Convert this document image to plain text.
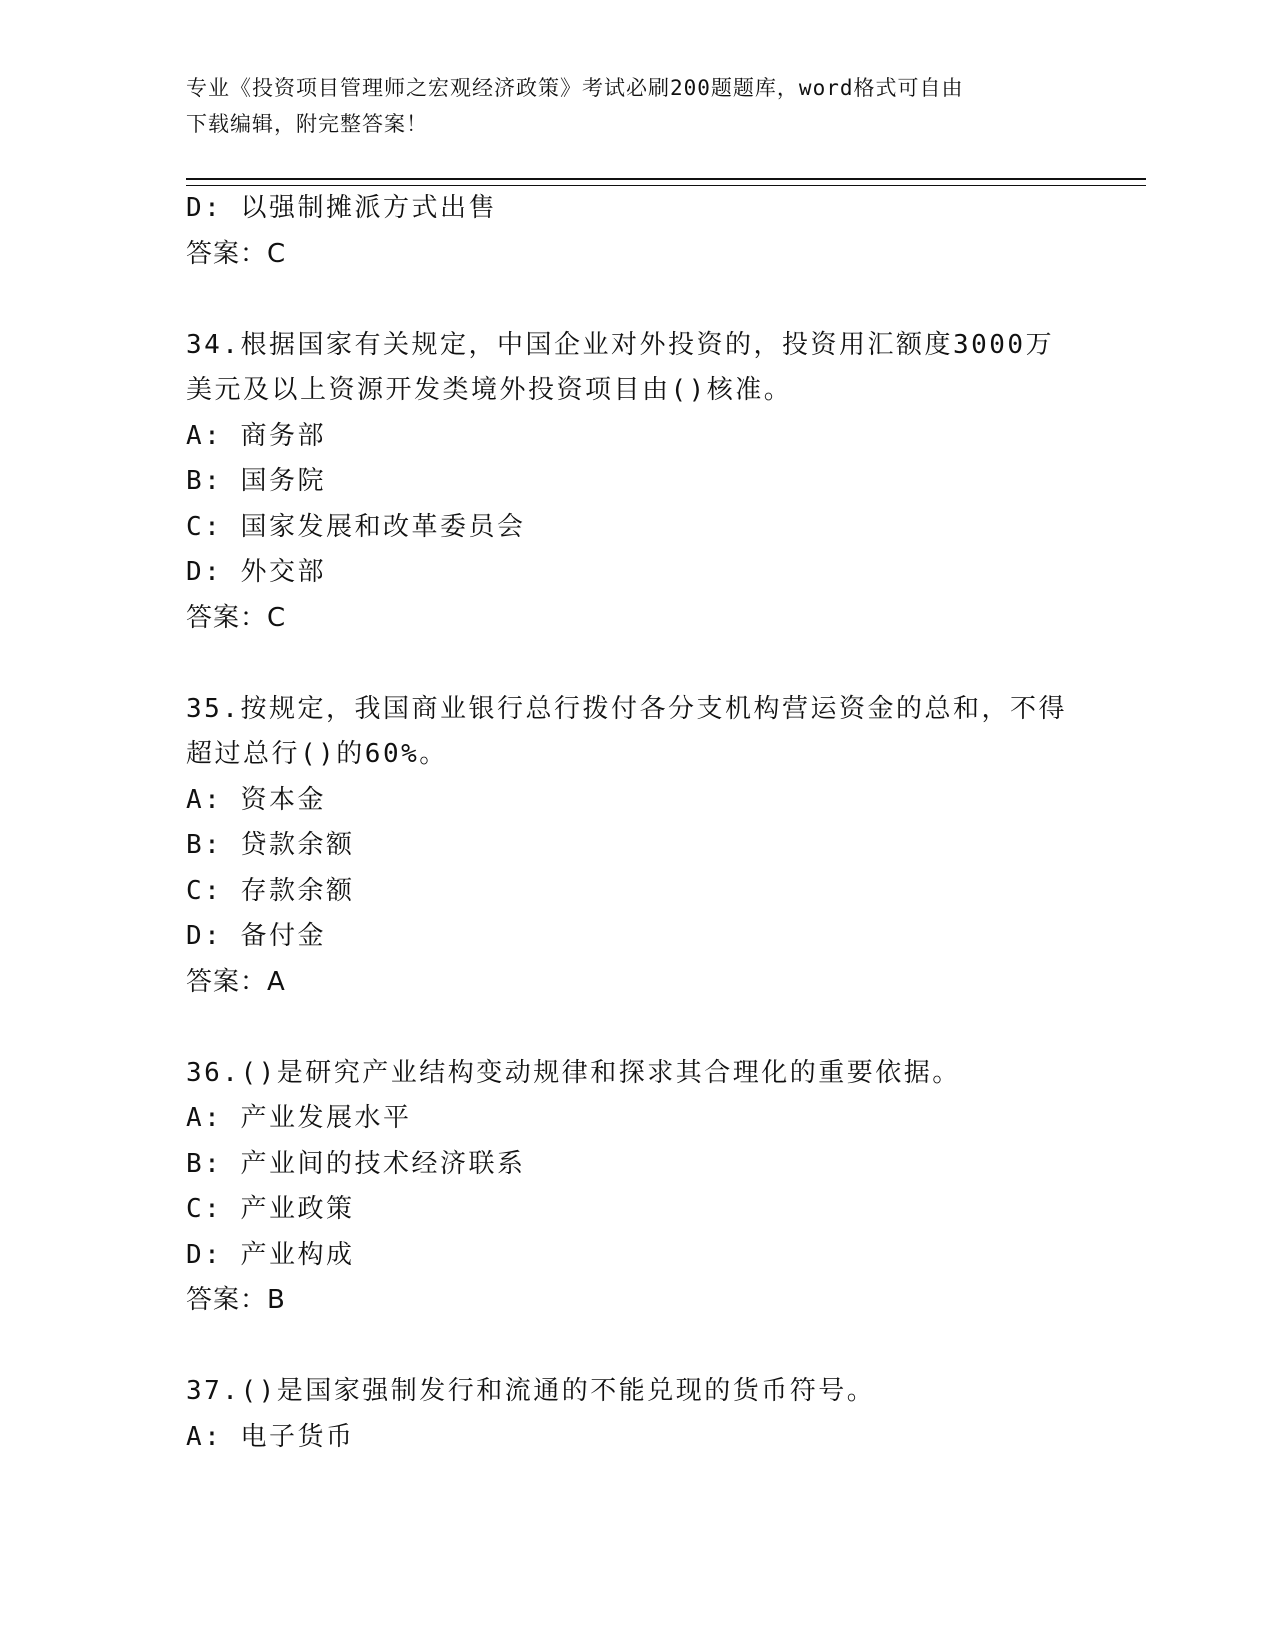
专业《投资项目管理师之宏观经济政策》考试必刷200题题库，word格式可自由
下载编辑，附完整答案！
D: 以强制摊派方式出售
答案：C
34.根据国家有关规定，中国企业对外投资的，投资用汇额度3000万
美元及以上资源开发类境外投资项目由()核准。
A: 商务部
B: 国务院
C: 国家发展和改革委员会
D: 外交部
答案：C
35.按规定，我国商业银行总行拨付各分支机构营运资金的总和，不得
超过总行()的60%。
A: 资本金
B: 贷款余额
C: 存款余额
D: 备付金
答案：A
36.()是研究产业结构变动规律和探求其合理化的重要依据。
A: 产业发展水平
B: 产业间的技术经济联系
C: 产业政策
D: 产业构成
答案：B
37.()是国家强制发行和流通的不能兑现的货币符号。
A: 电子货币
